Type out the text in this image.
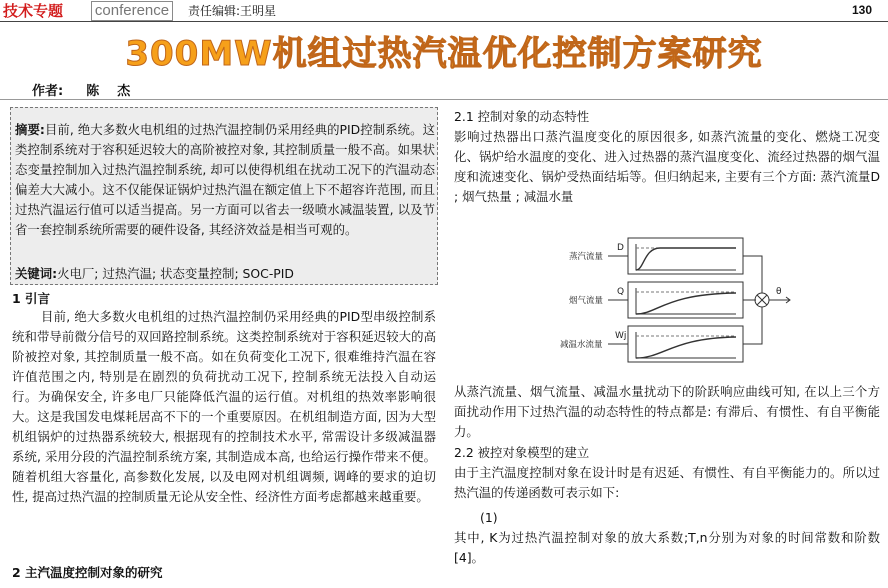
技术专题	conference	责任编辑:王明星	130
300MW机组过热汽温优化控制方案研究
作者: 陈杰

摘要:目前, 绝大多数火电机组的过热汽温控制仍采用经典的PID控制系统。这类控制系统对于容积延迟较大的高阶被控对象, 其控制质量一般不高。如果状态变量控制加入过热汽温控制系统, 却可以使得机组在扰动工况下的汽温动态偏差大大减小。这不仅能保证锅炉过热汽温在额定值上下不超容许范围, 而且过热汽温运行值可以适当提高。另一方面可以省去一级喷水减温装置, 以及节省一套控制系统所需要的硬件设备, 其经济效益是相当可观的。

关键词:火电厂; 过热汽温; 状态变量控制; SOC-PID
1 引言

目前, 绝大多数火电机组的过热汽温控制仍采用经典的PID型串级控制系统和带导前微分信号的双回路控制系统。这类控制系统对于容积延迟较大的高阶被控对象, 其控制质量一般不高。如在负荷变化工况下, 很难维持汽温在容许值范围之内, 特别是在剧烈的负荷扰动工况下, 控制系统无法投入自动运行。为确保安全, 许多电厂只能降低汽温的运行值。对机组的热效率影响很大。这是我国发电煤耗居高不下的一个重要原因。在机组制造方面, 因为大型机组锅炉的过热器系统较大, 根据现有的控制技术水平, 常需设计多级减温器系统, 采用分段的汽温控制系统方案, 其制造成本高, 也给运行操作带来不便。随着机组大容量化, 高参数化发展, 以及电网对机组调频, 调峰的要求的迫切性, 提高过热汽温的控制质量无论从安全性、经济性方面考虑都越来越重要。

2 主汽温度控制对象的研究
2.1 控制对象的动态特性

影响过热器出口蒸汽温度变化的原因很多, 如蒸汽流量的变化、燃烧工况变化、锅炉给水温度的变化、进入过热器的蒸汽温度变化、流经过热器的烟气温度和流速变化、锅炉受热面结垢等。但归纳起来, 主要有三个方面: 蒸汽流量D ; 烟气热量 ; 减温水量

蒸汽流量
烟气流量
减温水流量
D
Q
Wj
θ

从蒸汽流量、烟气流量、减温水量扰动下的阶跃响应曲线可知, 在以上三个方面扰动作用下过热汽温的动态特性的特点都是: 有滞后、有惯性、有自平衡能力。

2.2 被控对象模型的建立

由于主汽温度控制对象在设计时是有迟延、有惯性、有自平衡能力的。所以过热汽温的传递函数可表示如下:

(1)

其中, K为过热汽温控制对象的放大系数;T,n分别为对象的时间常数和阶数[4]。
